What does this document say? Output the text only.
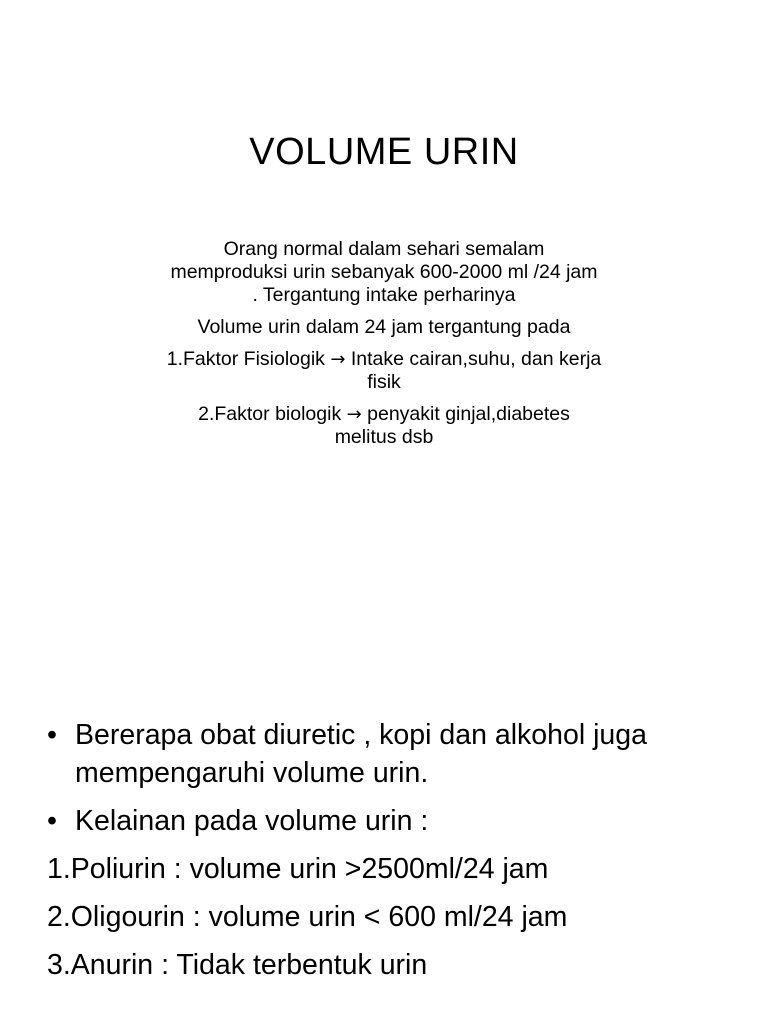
VOLUME URIN

Orang normal dalam sehari semalam
memproduksi urin sebanyak 600-2000 ml /24 jam
. Tergantung intake perharinya

Volume urin dalam 24 jam tergantung pada

1.Faktor Fisiologik → Intake cairan,suhu, dan kerja
fisik

2.Faktor biologik → penyakit ginjal,diabetes
melitus dsb

• Bererapa obat diuretic , kopi dan alkohol juga
mempengaruhi volume urin.
• Kelainan pada volume urin :
1.Poliurin : volume urin >2500ml/24 jam
2.Oligourin : volume urin < 600 ml/24 jam
3.Anurin : Tidak terbentuk urin
